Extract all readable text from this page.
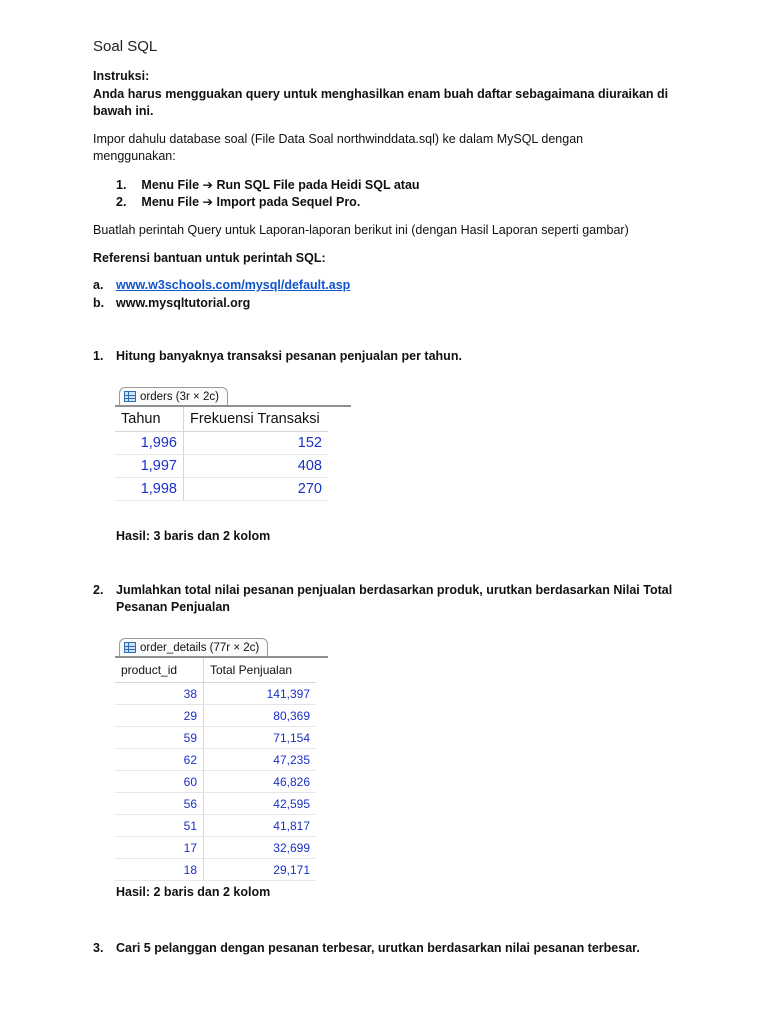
Soal SQL
Instruksi:
Anda harus mengguakan query untuk menghasilkan enam buah daftar sebagaimana diuraikan di bawah ini.
Impor dahulu database soal (File Data Soal northwinddata.sql) ke dalam MySQL dengan menggunakan:
1. Menu File ➔ Run SQL File pada Heidi SQL atau
2. Menu File ➔ Import pada Sequel Pro.
Buatlah perintah Query untuk Laporan-laporan berikut ini (dengan Hasil Laporan seperti gambar)
Referensi bantuan untuk perintah SQL:
a. www.w3schools.com/mysql/default.asp
b. www.mysqltutorial.org
1. Hitung banyaknya transaksi pesanan penjualan per tahun.
orders (3r × 2c)
Tahun	Frekuensi Transaksi
1,996	152
1,997	408
1,998	270
Hasil: 3 baris dan 2 kolom
2. Jumlahkan total nilai pesanan penjualan berdasarkan produk, urutkan berdasarkan Nilai Total
Pesanan Penjualan
order_details (77r × 2c)
product_id	Total Penjualan
38	141,397
29	80,369
59	71,154
62	47,235
60	46,826
56	42,595
51	41,817
17	32,699
18	29,171
Hasil: 2 baris dan 2 kolom
3. Cari 5 pelanggan dengan pesanan terbesar, urutkan berdasarkan nilai pesanan terbesar.
